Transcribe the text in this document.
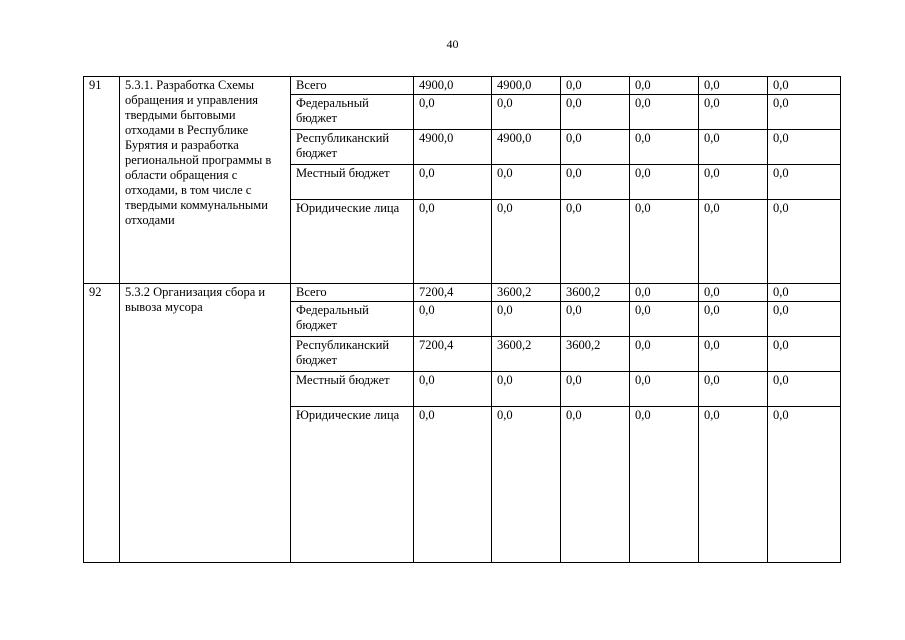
40
91	5.3.1. Разработка Схемы обращения и управления твердыми бытовыми отходами в Республике Бурятия и разработка региональной программы в области обращения с отходами, в том числе с твердыми коммунальными отходами	Всего	4900,0	4900,0	0,0	0,0	0,0	0,0
		Федеральный бюджет	0,0	0,0	0,0	0,0	0,0	0,0
		Республиканский бюджет	4900,0	4900,0	0,0	0,0	0,0	0,0
		Местный бюджет	0,0	0,0	0,0	0,0	0,0	0,0
		Юридические лица	0,0	0,0	0,0	0,0	0,0	0,0
92	5.3.2 Организация сбора и вывоза мусора	Всего	7200,4	3600,2	3600,2	0,0	0,0	0,0
		Федеральный бюджет	0,0	0,0	0,0	0,0	0,0	0,0
		Республиканский бюджет	7200,4	3600,2	3600,2	0,0	0,0	0,0
		Местный бюджет	0,0	0,0	0,0	0,0	0,0	0,0
		Юридические лица	0,0	0,0	0,0	0,0	0,0	0,0
